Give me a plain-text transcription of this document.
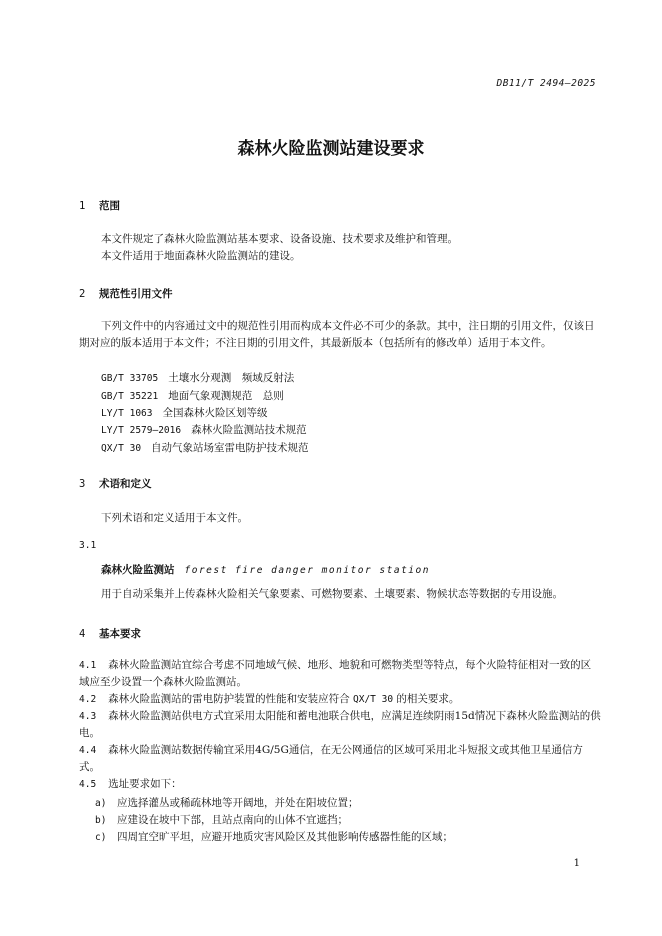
DB11/T 2494—2025
森林火险监测站建设要求
1 范围
本文件规定了森林火险监测站基本要求、设备设施、技术要求及维护和管理。
本文件适用于地面森林火险监测站的建设。
2 规范性引用文件
下列文件中的内容通过文中的规范性引用而构成本文件必不可少的条款。其中，注日期的引用文件，仅该日期对应的版本适用于本文件；不注日期的引用文件，其最新版本（包括所有的修改单）适用于本文件。
GB/T 33705 土壤水分观测　频域反射法
GB/T 35221 地面气象观测规范　总则
LY/T 1063 全国森林火险区划等级
LY/T 2579—2016 森林火险监测站技术规范
QX/T 30 自动气象站场室雷电防护技术规范
3 术语和定义
下列术语和定义适用于本文件。
3.1
森林火险监测站 forest fire danger monitor station
用于自动采集并上传森林火险相关气象要素、可燃物要素、土壤要素、物候状态等数据的专用设施。
4 基本要求
4.1 森林火险监测站宜综合考虑不同地域气候、地形、地貌和可燃物类型等特点，每个火险特征相对一致的区域应至少设置一个森林火险监测站。
4.2 森林火险监测站的雷电防护装置的性能和安装应符合 QX/T 30 的相关要求。
4.3 森林火险监测站供电方式宜采用太阳能和蓄电池联合供电，应满足连续阴雨15d情况下森林火险监测站的供电。
4.4 森林火险监测站数据传输宜采用4G/5G通信，在无公网通信的区域可采用北斗短报文或其他卫星通信方式。
4.5 选址要求如下：
a) 应选择灌丛或稀疏林地等开阔地，并处在阳坡位置；
b) 应建设在坡中下部，且站点南向的山体不宜遮挡；
c) 四周宜空旷平坦，应避开地质灾害风险区及其他影响传感器性能的区域；
1
